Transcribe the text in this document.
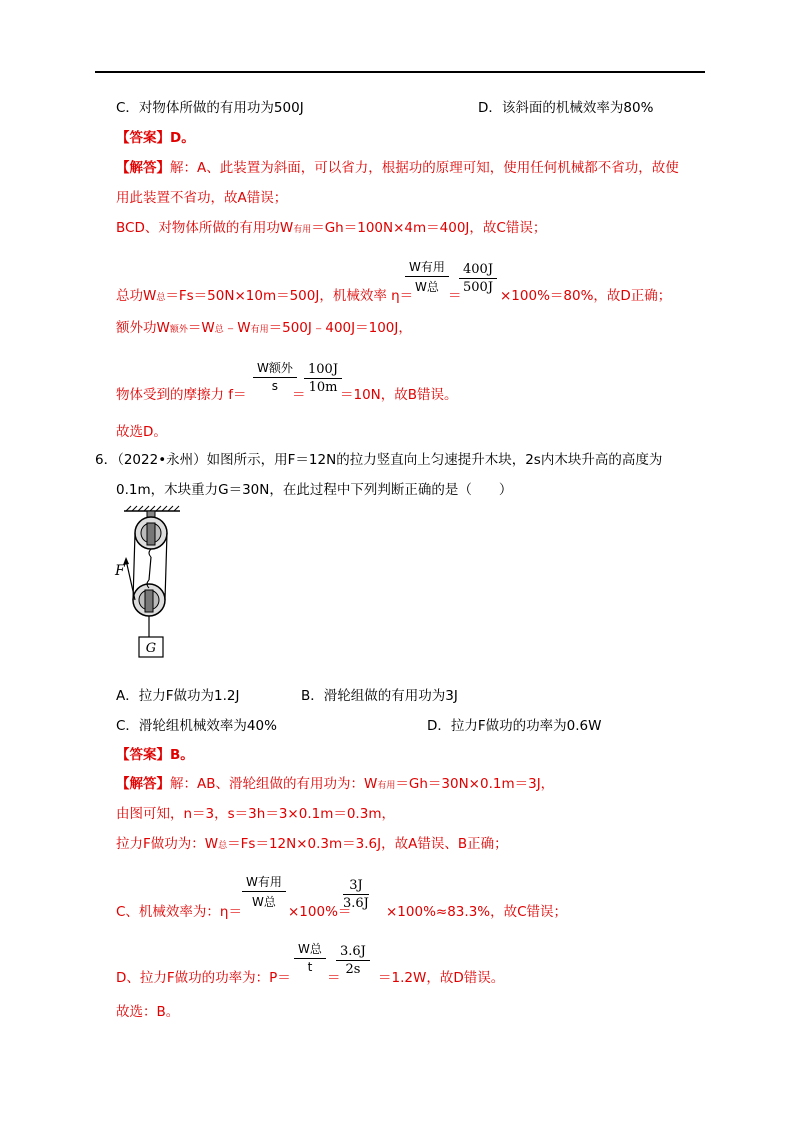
C．对物体所做的有用功为500J	D．该斜面的机械效率为80%
【答案】D。
【解答】解：A、此装置为斜面，可以省力，根据功的原理可知，使用任何机械都不省功，故使
用此装置不省功，故A错误；
BCD、对物体所做的有用功W有用＝Gh＝100N×4m＝400J，故C错误；
总功W总＝Fs＝50N×10m＝500J，机械效率 η＝
W有用
W总
＝
$\frac{400J}{500J}$
×100%＝80%，故D正确；
额外功W额外＝W总﹣W有用＝500J﹣400J＝100J，
物体受到的摩擦力 f＝
W额外
s
＝
$\frac{100J}{10m}$
＝10N，故B错误。
故选D。
6．（2022•永州）如图所示，用F＝12N的拉力竖直向上匀速提升木块，2s内木块升高的高度为
0.1m，木块重力G＝30N，在此过程中下列判断正确的是（　　）
G
F
A．拉力F做功为1.2J	B．滑轮组做的有用功为3J
C．滑轮组机械效率为40%	D．拉力F做功的功率为0.6W
【答案】B。
【解答】解：AB、滑轮组做的有用功为：W有用＝Gh＝30N×0.1m＝3J，
由图可知，n＝3，s＝3h＝3×0.1m＝0.3m，
拉力F做功为：W总＝Fs＝12N×0.3m＝3.6J，故A错误、B正确；
C、机械效率为：η＝
W有用
W总
×100%＝
$\frac{3J}{3.6J}$
×100%≈83.3%，故C错误；
D、拉力F做功的功率为：P＝
W总
t
＝
$\frac{3.6J}{2s}$
＝1.2W，故D错误。
故选：B。
